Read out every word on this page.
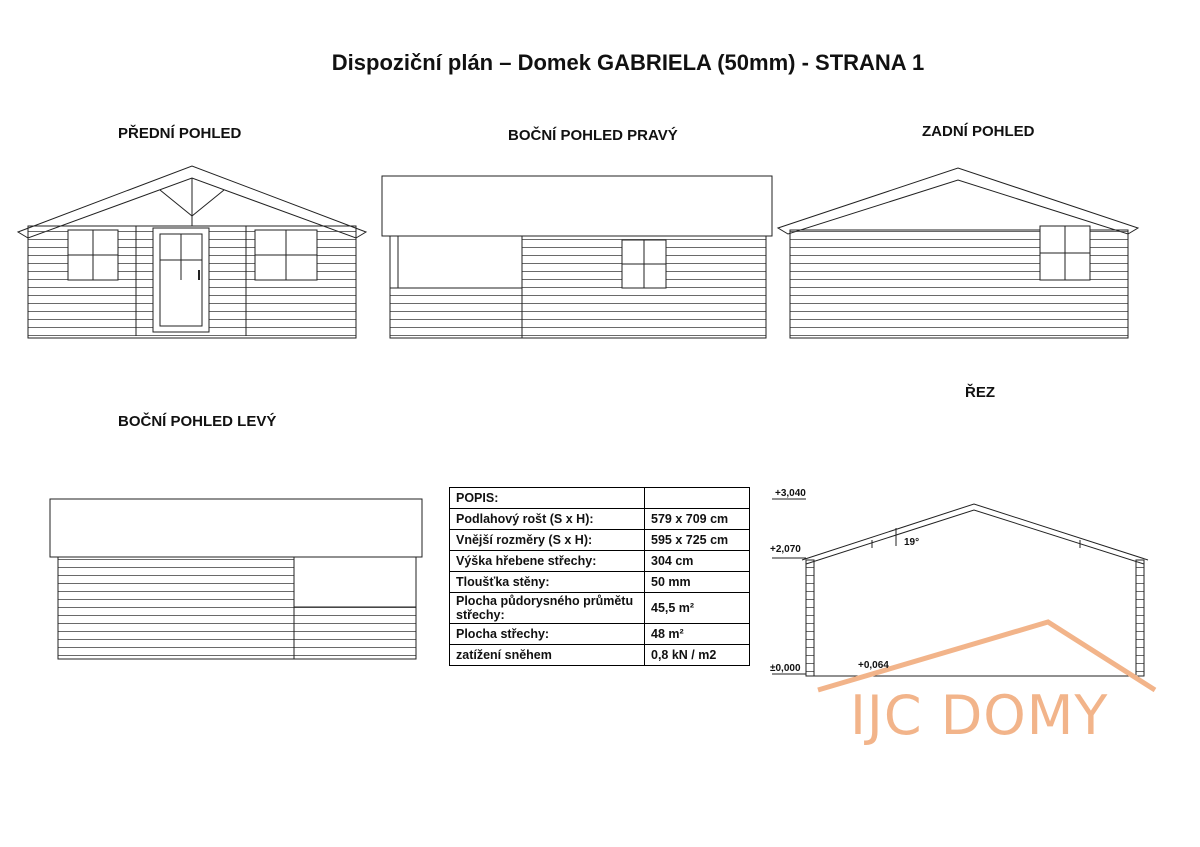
Dispoziční plán – Domek GABRIELA (50mm) - STRANA 1
PŘEDNÍ POHLED	BOČNÍ POHLED PRAVÝ	ZADNÍ POHLED
BOČNÍ POHLED LEVÝ
ŘEZ
POPIS:	
Podlahový rošt (S x H):	579 x 709 cm
Vnější rozměry (S x H):	595 x 725 cm
Výška hřebene střechy:	304 cm
Tloušťka stěny:	50 mm
Plocha půdorysného průmětu střechy:	45,5 m²
Plocha střechy:	48 m²
zatížení sněhem	0,8 kN / m2
+3,040
+2,070
±0,000	+0,064
19°
IJC DOMY
